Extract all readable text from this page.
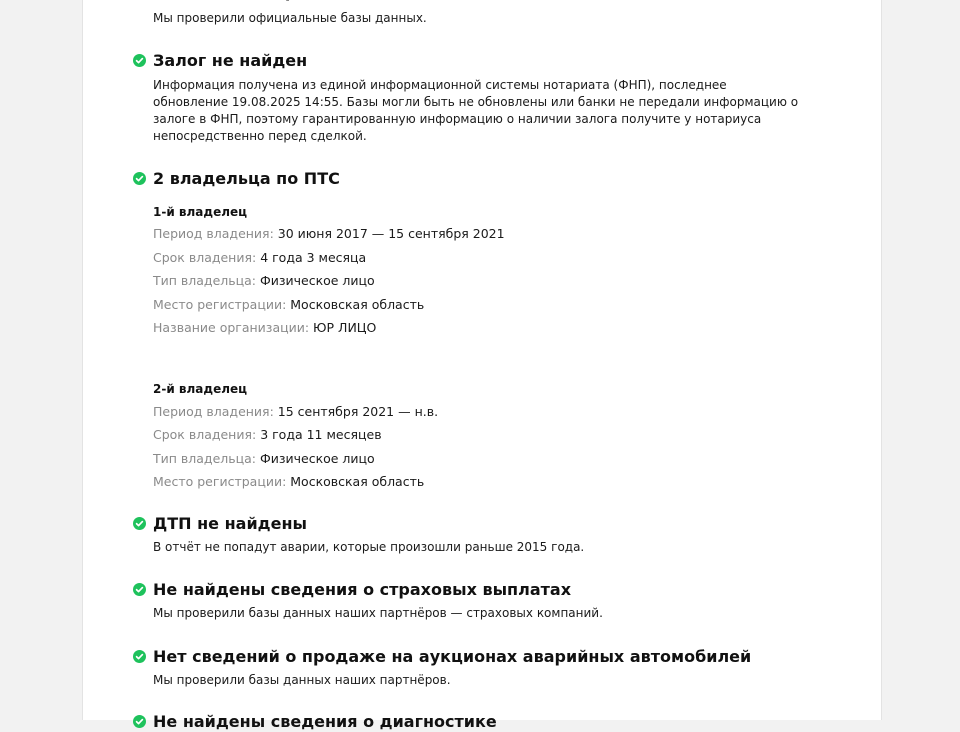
Мы проверили официальные базы данных.

Залог не найден

Информация получена из единой информационной системы нотариата (ФНП), последнее обновление 19.08.2025 14:55. Базы могли быть не обновлены или банки не передали информацию о залоге в ФНП, поэтому гарантированную информацию о наличии залога получите у нотариуса непосредственно перед сделкой.

2 владельца по ПТС
1-й владелец
Период владения: 30 июня 2017 — 15 сентября 2021
Срок владения: 4 года 3 месяца
Тип владельца: Физическое лицо
Место регистрации: Московская область
Название организации: ЮР ЛИЦО
2-й владелец
Период владения: 15 сентября 2021 — н.в.
Срок владения: 3 года 11 месяцев
Тип владельца: Физическое лицо
Место регистрации: Московская область
ДТП не найдены

В отчёт не попадут аварии, которые произошли раньше 2015 года.

Не найдены сведения о страховых выплатах

Мы проверили базы данных наших партнёров — страховых компаний.

Нет сведений о продаже на аукционах аварийных автомобилей

Мы проверили базы данных наших партнёров.

Не найдены сведения о диагностике
